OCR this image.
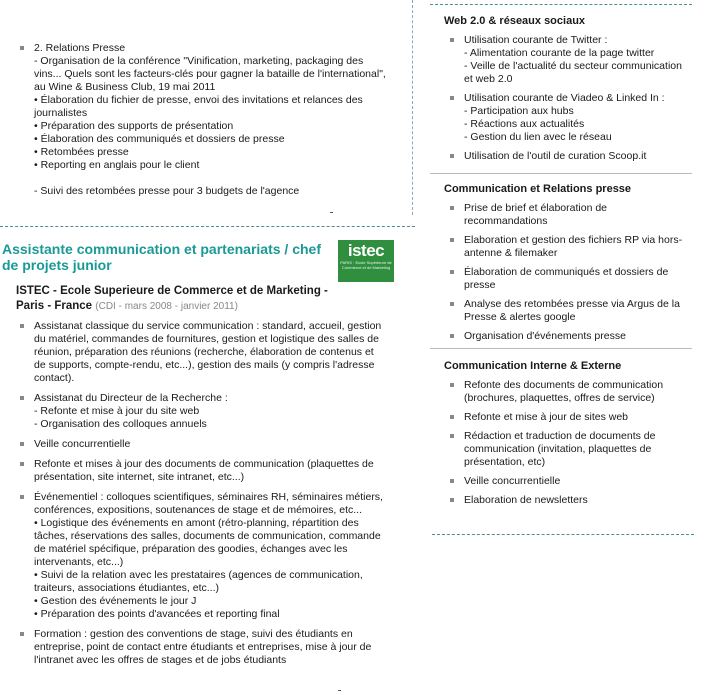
2. Relations Presse
- Organisation de la conférence "Vinification, marketing, packaging des vins... Quels sont les facteurs-clés pour gagner la bataille de l'international", au Wine & Business Club, 19 mai 2011
• Élaboration du fichier de presse, envoi des invitations et relances des journalistes
• Préparation des supports de présentation
• Élaboration des communiqués et dossiers de presse
• Retombées presse
• Reporting en anglais pour le client

- Suivi des retombées presse pour 3 budgets de l'agence
Assistante communication et partenariats / chef de projets junior
istec
PARIS · Ecole Supérieure de Commerce et de Marketing
ISTEC - Ecole Superieure de Commerce et de Marketing - Paris - France (CDI - mars 2008 - janvier 2011)
Assistanat classique du service communication : standard, accueil, gestion du matériel, commandes de fournitures, gestion et logistique des salles de réunion, préparation des réunions (recherche, élaboration de contenus et de supports, compte-rendu, etc...), gestion des mails (y compris l'adresse contact).
Assistanat du Directeur de la Recherche :
- Refonte et mise à jour du site web
- Organisation des colloques annuels
Veille concurrentielle
Refonte et mises à jour des documents de communication (plaquettes de présentation, site internet, site intranet, etc...)
Événementiel : colloques scientifiques, séminaires RH, séminaires métiers, conférences, expositions, soutenances de stage et de mémoires, etc...
• Logistique des événements en amont (rétro-planning, répartition des tâches, réservations des salles, documents de communication, commande de matériel spécifique, préparation des goodies, échanges avec les intervenants, etc...)
• Suivi de la relation avec les prestataires (agences de communication, traiteurs, associations étudiantes, etc...)
• Gestion des événements le jour J
• Préparation des points d'avancées et reporting final
Formation : gestion des conventions de stage, suivi des étudiants en entreprise, point de contact entre étudiants et entreprises, mise à jour de l'intranet avec les offres de stages et de jobs étudiants
Web 2.0 & réseaux sociaux
Utilisation courante de Twitter :
- Alimentation courante de la page twitter
- Veille de l'actualité du secteur communication et web 2.0
Utilisation courante de Viadeo & Linked In :
- Participation aux hubs
- Réactions aux actualités
- Gestion du lien avec le réseau
Utilisation de l'outil de curation Scoop.it
Communication et Relations presse
Prise de brief et élaboration de recommandations
Elaboration et gestion des fichiers RP via hors-antenne & filemaker
Élaboration de communiqués et dossiers de presse
Analyse des retombées presse via Argus de la Presse & alertes google
Organisation d'événements presse
Communication Interne & Externe
Refonte des documents de communication (brochures, plaquettes, offres de service)
Refonte et mise à jour de sites web
Rédaction et traduction de documents de communication (invitation, plaquettes de présentation, etc)
Veille concurrentielle
Elaboration de newsletters
